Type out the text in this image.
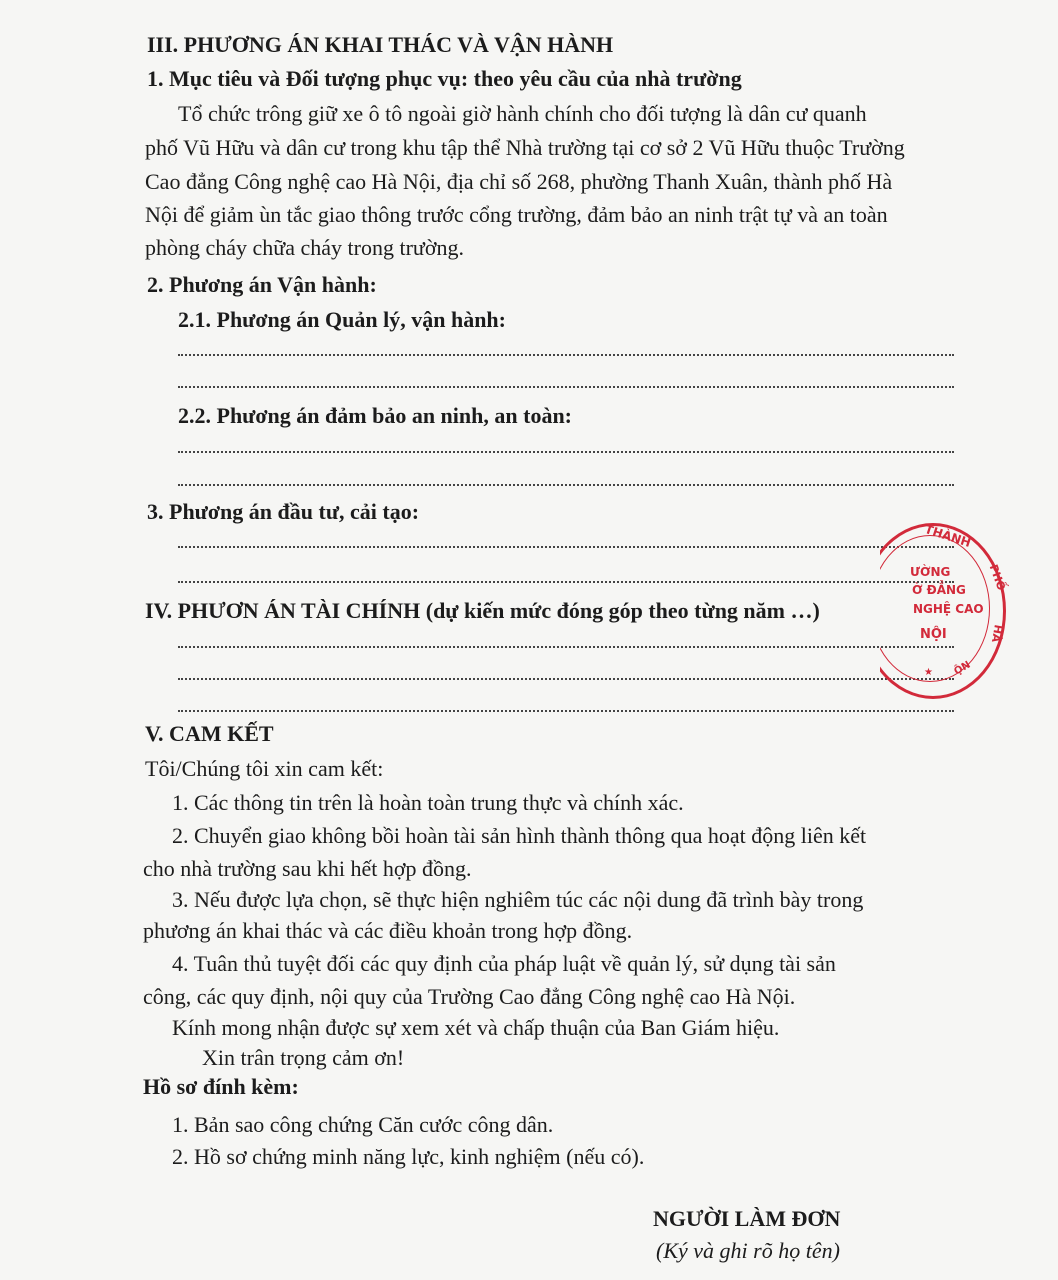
III. PHƯƠNG ÁN KHAI THÁC VÀ VẬN HÀNH
1. Mục tiêu và Đối tượng phục vụ: theo yêu cầu của nhà trường
Tổ chức trông giữ xe ô tô ngoài giờ hành chính cho đối tượng là dân cư quanh
phố Vũ Hữu và dân cư trong khu tập thể Nhà trường tại cơ sở 2 Vũ Hữu thuộc Trường
Cao đẳng Công nghệ cao Hà Nội, địa chỉ số 268, phường Thanh Xuân, thành phố Hà
Nội để giảm ùn tắc giao thông trước cổng trường, đảm bảo an ninh trật tự và an toàn
phòng cháy chữa cháy trong trường.
2. Phương án Vận hành:
2.1. Phương án Quản lý, vận hành:
2.2. Phương án đảm bảo an ninh, an toàn:
3. Phương án đầu tư, cải tạo:
IV. PHƯƠN ÁN TÀI CHÍNH (dự kiến mức đóng góp theo từng năm …)
THÀNH
PHỐ
HÀ
ƯỜNG
Ờ ĐẲNG
NGHỆ CAO
NỘI
★ ỘN
V. CAM KẾT
Tôi/Chúng tôi xin cam kết:
1. Các thông tin trên là hoàn toàn trung thực và chính xác.
2. Chuyển giao không bồi hoàn tài sản hình thành thông qua hoạt động liên kết
cho nhà trường sau khi hết hợp đồng.
3. Nếu được lựa chọn, sẽ thực hiện nghiêm túc các nội dung đã trình bày trong
phương án khai thác và các điều khoản trong hợp đồng.
4. Tuân thủ tuyệt đối các quy định của pháp luật về quản lý, sử dụng tài sản
công, các quy định, nội quy của Trường Cao đẳng Công nghệ cao Hà Nội.
Kính mong nhận được sự xem xét và chấp thuận của Ban Giám hiệu.
Xin trân trọng cảm ơn!
Hồ sơ đính kèm:
1. Bản sao công chứng Căn cước công dân.
2. Hồ sơ chứng minh năng lực, kinh nghiệm (nếu có).
NGƯỜI LÀM ĐƠN
(Ký và ghi rõ họ tên)
